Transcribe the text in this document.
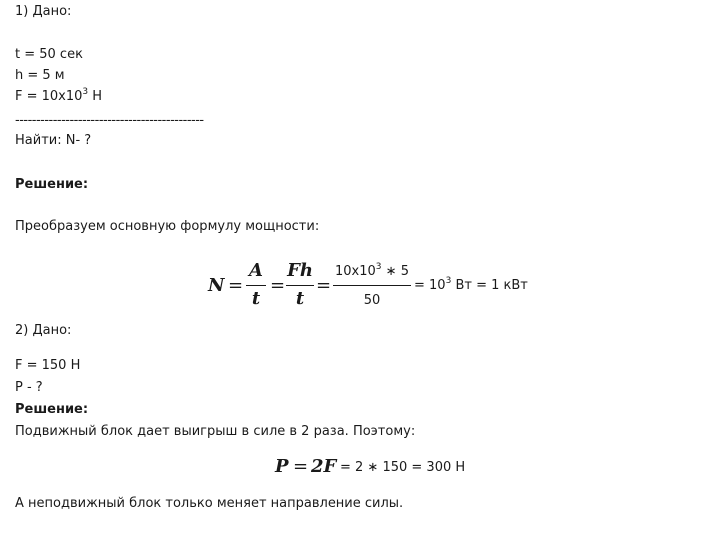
1) Дано:
t = 50 сек
h = 5 м
$F = 10x10^3$ Н
---------------------------------------------
Найти: N- ?
Решение:
Преобразуем основную формулу мощности:
N =
A
t
=
Fh
t
=
$10x10^3$ ∗ 5
50
= $10^3$ Вт = 1 кВт
2) Дано:
F = 150 Н
P - ?
Решение:
Подвижный блок дает выигрыш в силе в 2 раза. Поэтому:
P = 2F = 2 ∗ 150 = 300 Н
А неподвижный блок только меняет направление силы.
